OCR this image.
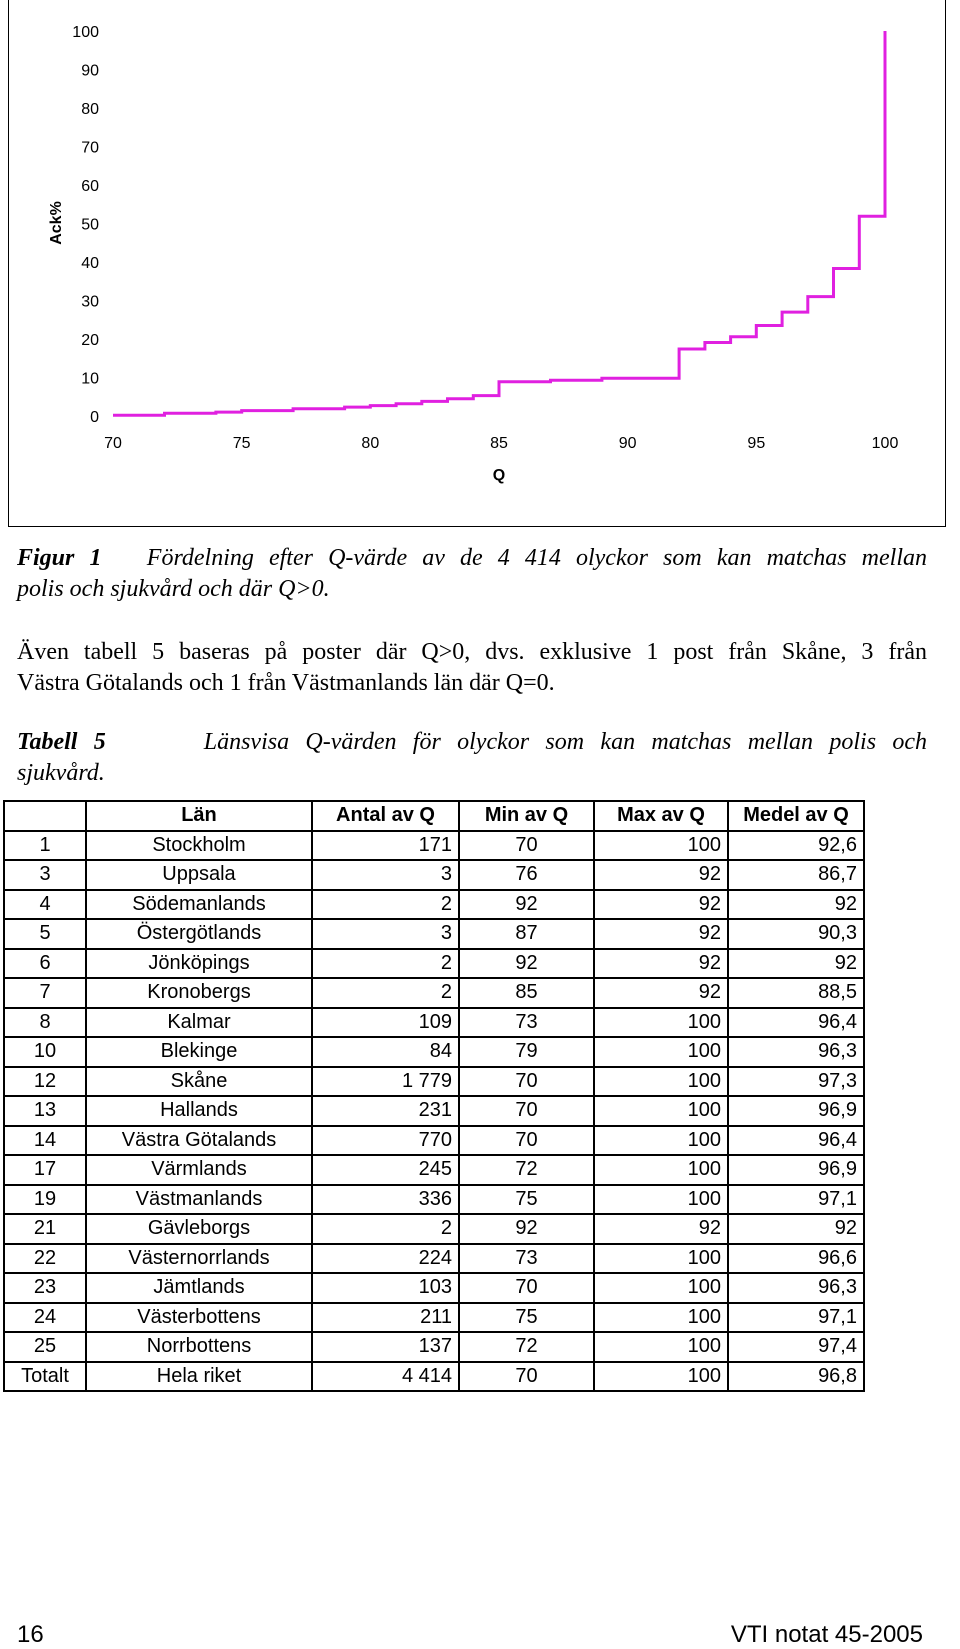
0
10
20
30
40
50
60
70
80
90
100
70	75	80	85	90	95	100
Q
Ack%

Figur 1 Fördelning efter Q-värde av de 4 414 olyckor som kan matchas mellan

polis och sjukvård och där Q>0.

Även tabell 5 baseras på poster där Q>0, dvs. exklusive 1 post från Skåne, 3 från

Västra Götalands och 1 från Västmanlands län där Q=0.

Tabell 5	Länsvisa Q-värden för olyckor som kan matchas mellan polis och
sjukvård.
	Län	Antal av Q	Min av Q	Max av Q	Medel av Q
1	Stockholm	171	70	100	92,6
3	Uppsala	3	76	92	86,7
4	Södemanlands	2	92	92	92
5	Östergötlands	3	87	92	90,3
6	Jönköpings	2	92	92	92
7	Kronobergs	2	85	92	88,5
8	Kalmar	109	73	100	96,4
10	Blekinge	84	79	100	96,3
12	Skåne	1 779	70	100	97,3
13	Hallands	231	70	100	96,9
14	Västra Götalands	770	70	100	96,4
17	Värmlands	245	72	100	96,9
19	Västmanlands	336	75	100	97,1
21	Gävleborgs	2	92	92	92
22	Västernorrlands	224	73	100	96,6
23	Jämtlands	103	70	100	96,3
24	Västerbottens	211	75	100	97,1
25	Norrbottens	137	72	100	97,4
Totalt	Hela riket	4 414	70	100	96,8
16	VTI notat 45-2005
